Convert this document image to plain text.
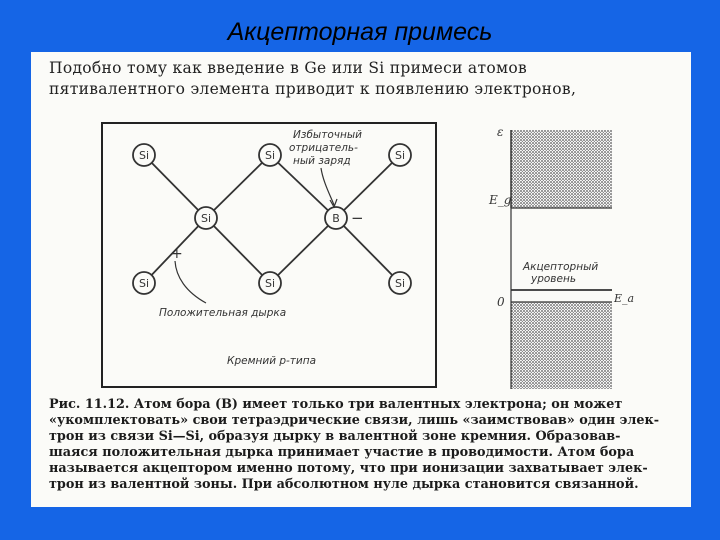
Акцепторная примесь
Подобно тому как введение в Ge или Si примеси атомов
пятивалентного элемента приводит к появлению электронов,
Si	Si	Si
Si	B
Si	Si	Si
−
+
Избыточный
отрицатель-
ный заряд
Положительная дырка
Кремний p-типа
ε
E_g
0
Акцепторный
уровень
E_a
Рис. 11.12. Атом бора (B) имеет только три валентных электрона; он может
«укомплектовать» свои тетраэдрические связи, лишь «заимствовав» один элек-
трон из связи Si—Si, образуя дырку в валентной зоне кремния. Образовав-
шаяся положительная дырка принимает участие в проводимости. Атом бора
называется акцептором именно потому, что при ионизации захватывает элек-
трон из валентной зоны. При абсолютном нуле дырка становится связанной.
